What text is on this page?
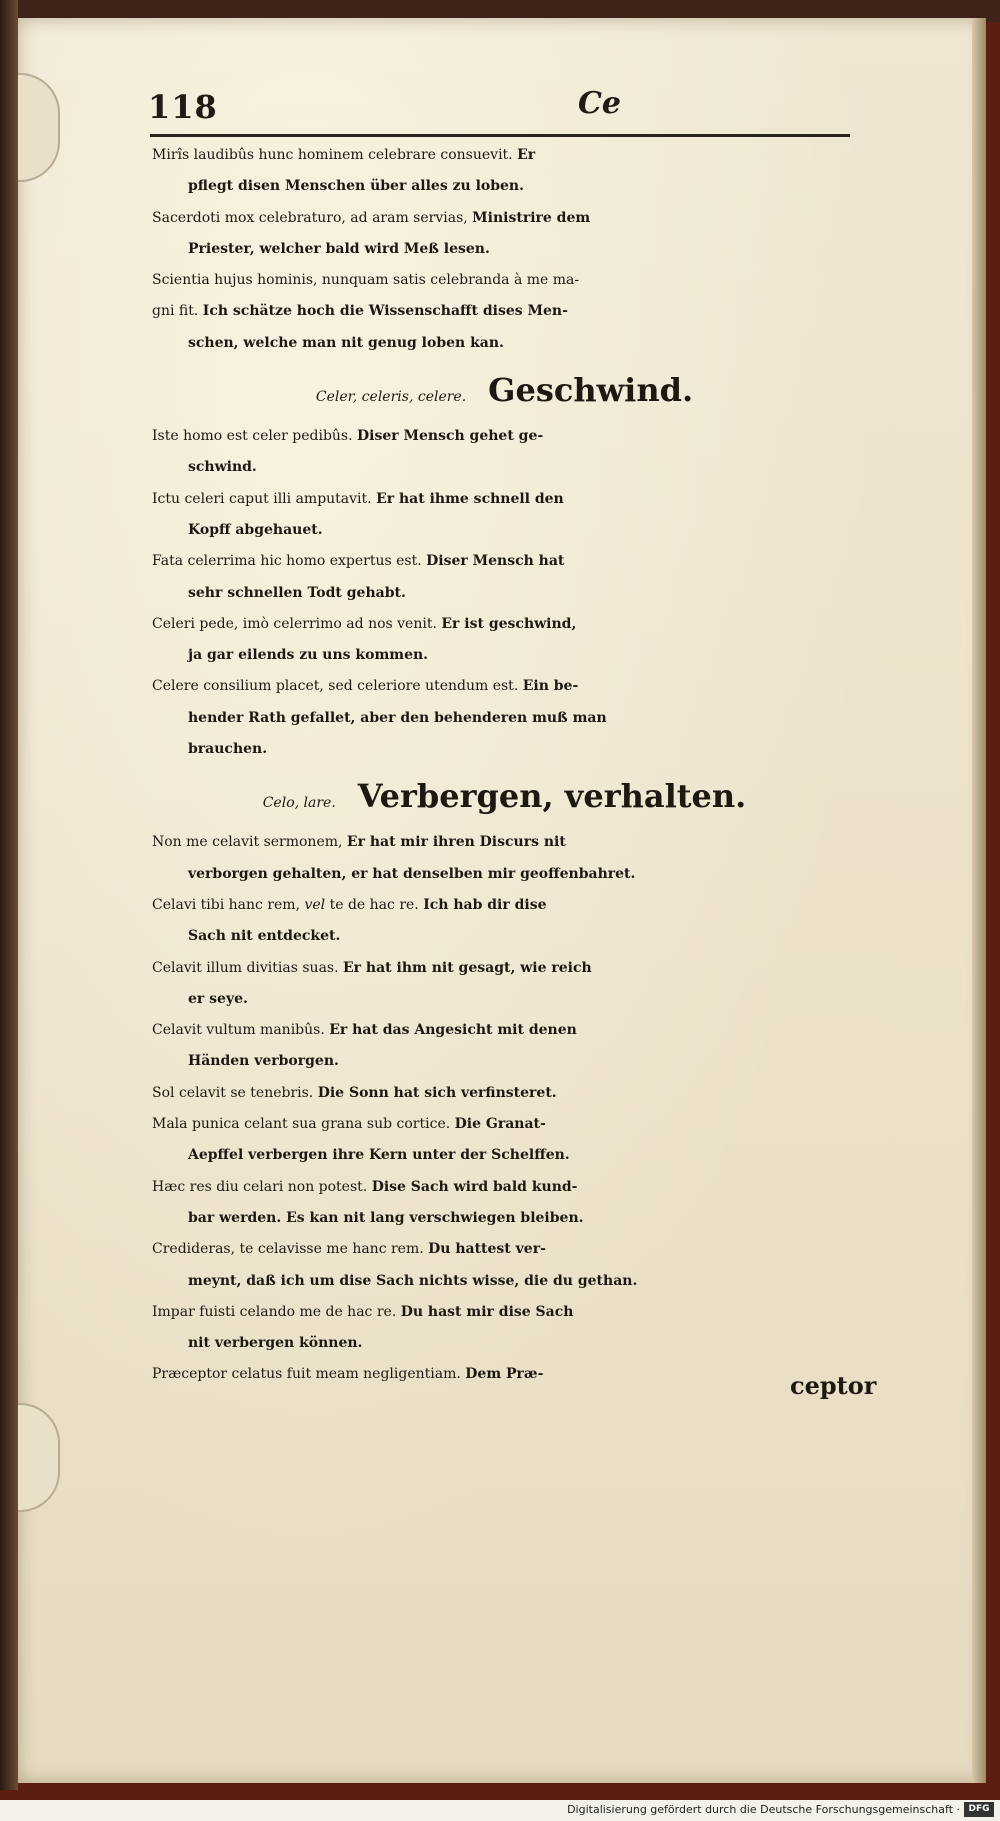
118	Ce
Mirîs laudibûs hunc hominem celebrare consuevit. Er
pflegt disen Menschen über alles zu loben.
Sacerdoti mox celebraturo, ad aram servias, Ministrire dem
Priester, welcher bald wird Meß lesen.
Scientia hujus hominis, nunquam satis celebranda à me ma-
gni fit. Ich schätze hoch die Wissenschafft dises Men-
schen, welche man nit genug loben kan.
Celer, celeris, celere. Geschwind.
Iste homo est celer pedibûs. Diser Mensch gehet ge-
schwind.
Ictu celeri caput illi amputavit. Er hat ihme schnell den
Kopff abgehauet.
Fata celerrima hic homo expertus est. Diser Mensch hat
sehr schnellen Todt gehabt.
Celeri pede, imò celerrimo ad nos venit. Er ist geschwind,
ja gar eilends zu uns kommen.
Celere consilium placet, sed celeriore utendum est. Ein be-
hender Rath gefallet, aber den behenderen muß man
brauchen.
Celo, lare. Verbergen, verhalten.
Non me celavit sermonem, Er hat mir ihren Discurs nit
verborgen gehalten, er hat denselben mir geoffenbahret.
Celavi tibi hanc rem, vel te de hac re. Ich hab dir dise
Sach nit entdecket.
Celavit illum divitias suas. Er hat ihm nit gesagt, wie reich
er seye.
Celavit vultum manibûs. Er hat das Angesicht mit denen
Händen verborgen.
Sol celavit se tenebris. Die Sonn hat sich verfinsteret.
Mala punica celant sua grana sub cortice. Die Granat-
Aepffel verbergen ihre Kern unter der Schelffen.
Hæc res diu celari non potest. Dise Sach wird bald kund-
bar werden. Es kan nit lang verschwiegen bleiben.
Credideras, te celavisse me hanc rem. Du hattest ver-
meynt, daß ich um dise Sach nichts wisse, die du gethan.
Impar fuisti celando me de hac re. Du hast mir dise Sach
nit verbergen können.
Præceptor celatus fuit meam negligentiam. Dem Præ-	ceptor
Digitalisierung gefördert durch die Deutsche Forschungsgemeinschaft · DFG
